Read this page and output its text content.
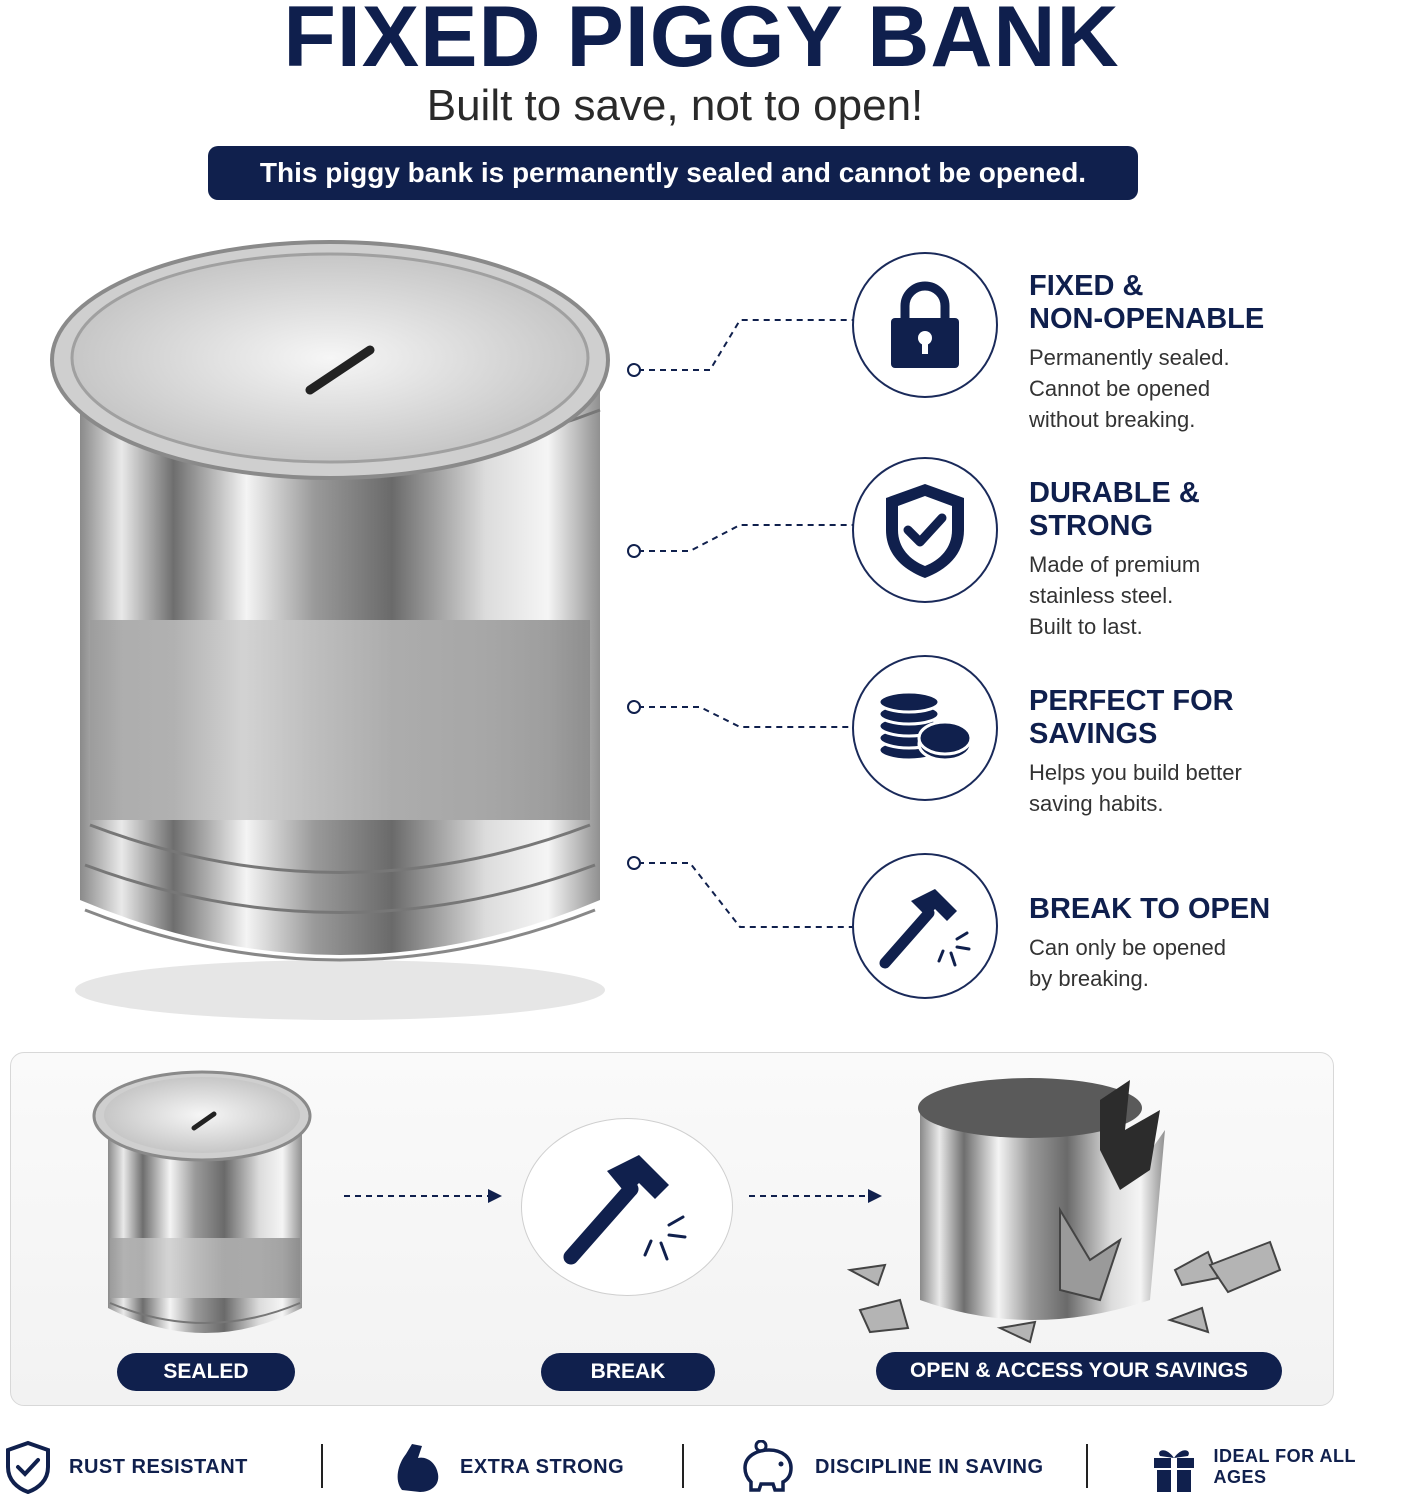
FIXED PIGGY BANK
Built to save, not to open!
This piggy bank is permanently sealed and cannot be opened.
FIXED &
NON-OPENABLE
Permanently sealed.
Cannot be opened
without breaking.
DURABLE &
STRONG
Made of premium
stainless steel.
Built to last.
PERFECT FOR
SAVINGS
Helps you build better
saving habits.
BREAK TO OPEN
Can only be opened
by breaking.
SEALED	BREAK	OPEN & ACCESS YOUR SAVINGS
RUST RESISTANT	EXTRA STRONG	DISCIPLINE IN SAVING	IDEAL FOR ALL AGES
